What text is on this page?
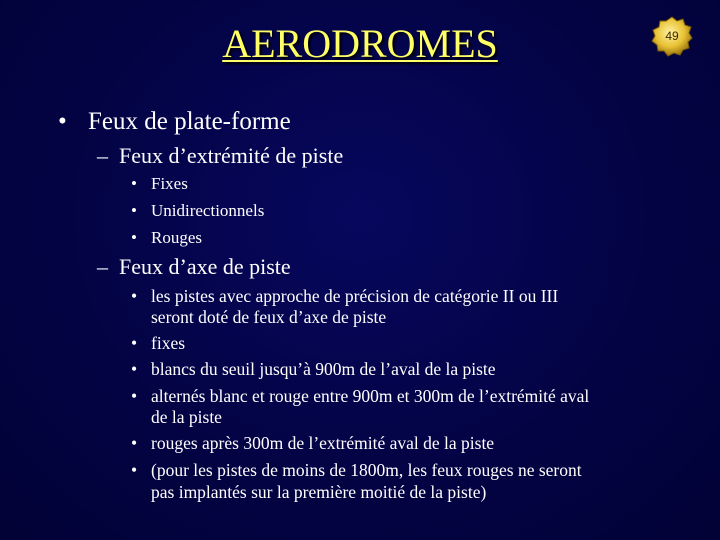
AERODROMES	49
• Feux de plate-forme
– Feux d’extrémité de piste
• Fixes
• Unidirectionnels
• Rouges
– Feux d’axe de piste
• les pistes avec approche de précision de catégorie II ou III
seront doté de feux d’axe de piste
• fixes
• blancs du seuil jusqu’à 900m de l’aval de la piste
• alternés blanc et rouge entre 900m et 300m de l’extrémité aval
de la piste
• rouges après 300m de l’extrémité aval de la piste
• (pour les pistes de moins de 1800m, les feux rouges ne seront
pas implantés sur la première moitié de la piste)
